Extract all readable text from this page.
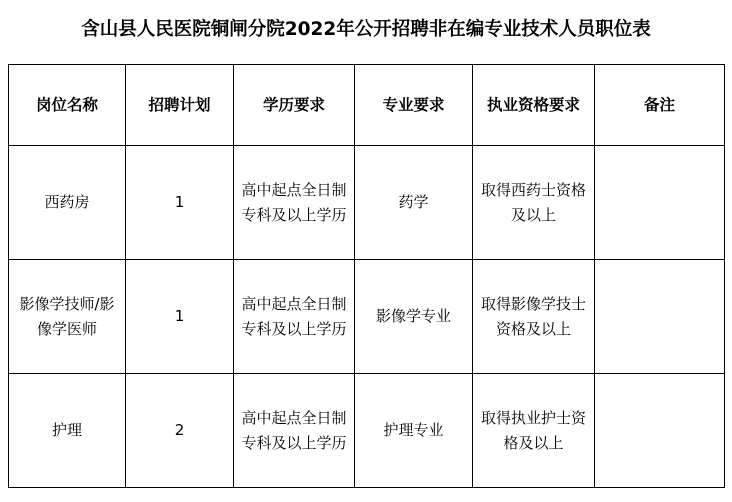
含山县人民医院铜闸分院2022年公开招聘非在编专业技术人员职位表
岗位名称	招聘计划	学历要求	专业要求	执业资格要求	备注
西药房	1	高中起点全日制专科及以上学历	药学	取得西药士资格及以上	
影像学技师/影像学医师	1	高中起点全日制专科及以上学历	影像学专业	取得影像学技士资格及以上	
护理	2	高中起点全日制专科及以上学历	护理专业	取得执业护士资格及以上	
